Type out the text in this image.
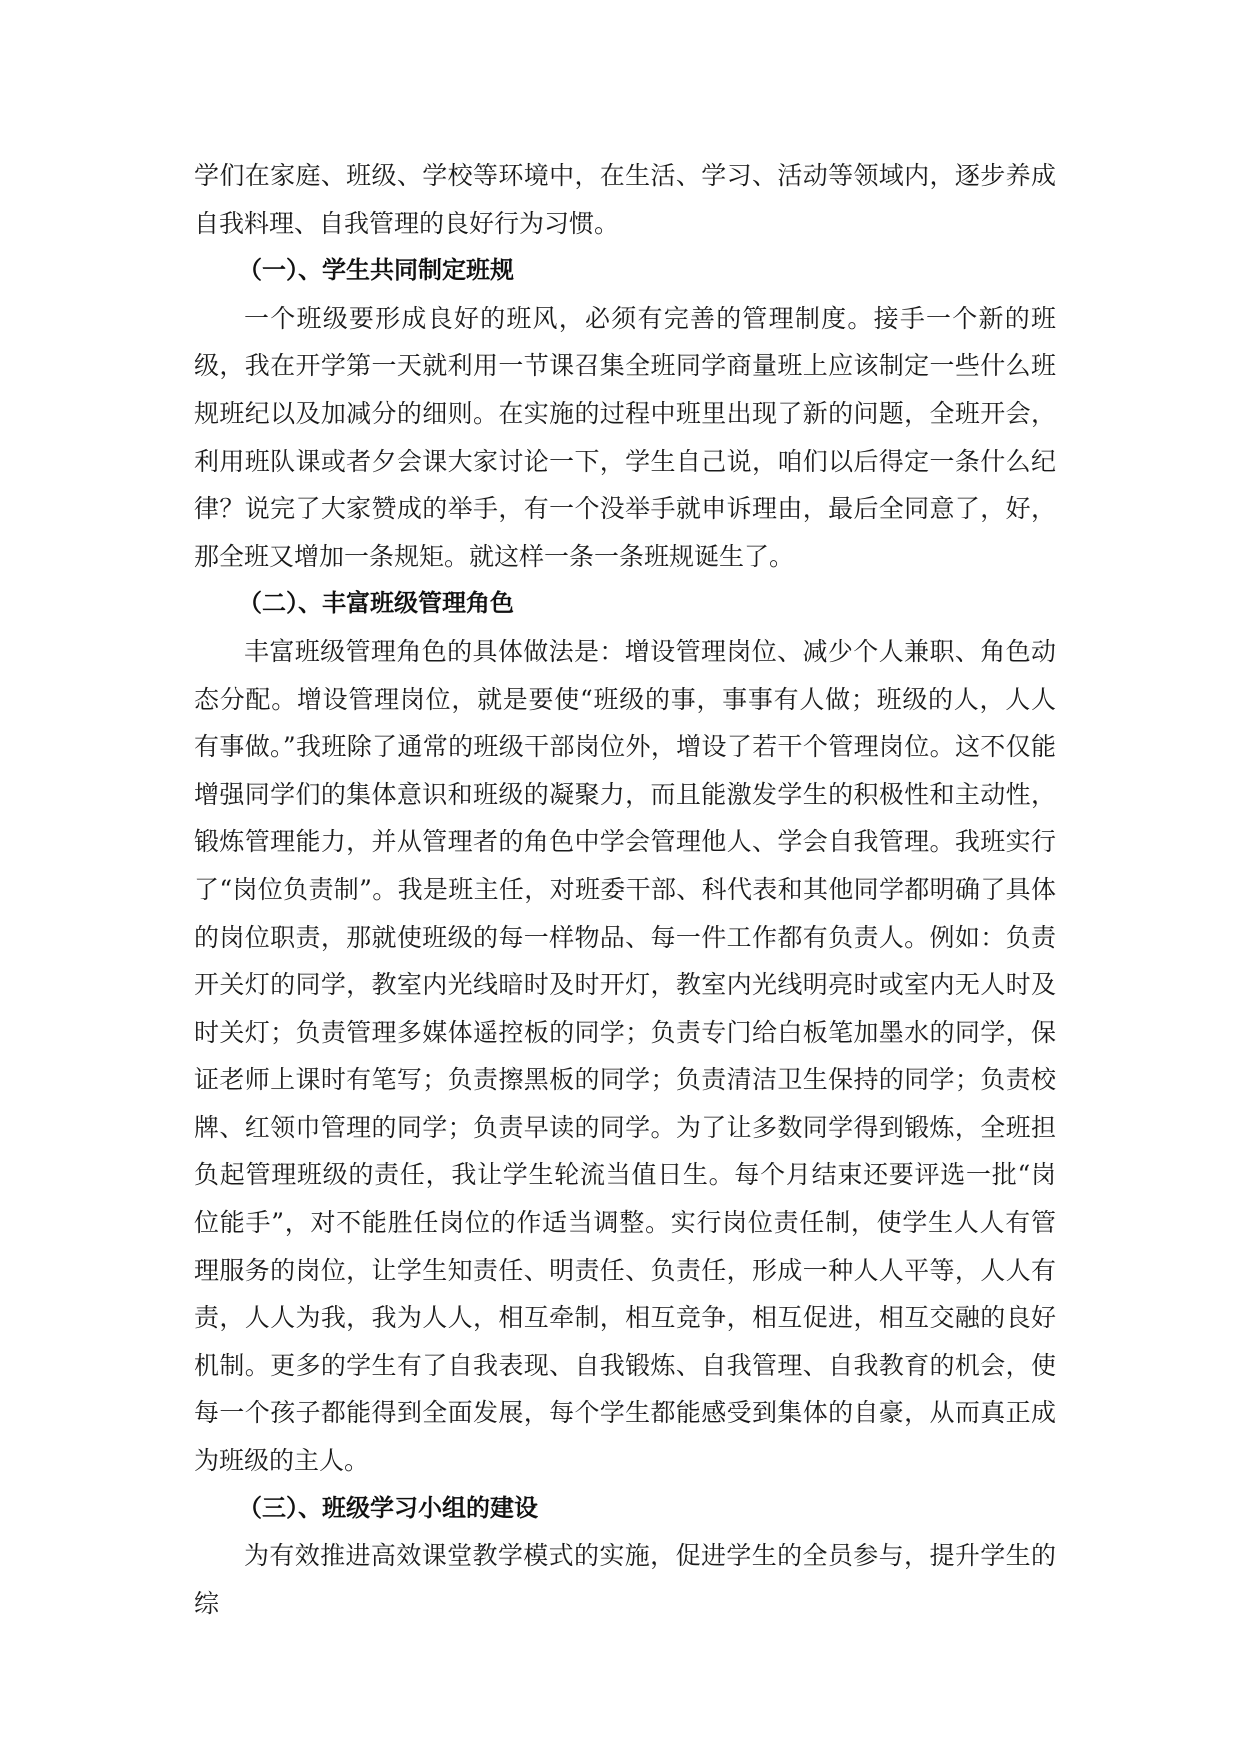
学们在家庭、班级、学校等环境中，在生活、学习、活动等领域内，逐步养成自我料理、自我管理的良好行为习惯。

（一）、学生共同制定班规

一个班级要形成良好的班风，必须有完善的管理制度。接手一个新的班级，我在开学第一天就利用一节课召集全班同学商量班上应该制定一些什么班规班纪以及加减分的细则。在实施的过程中班里出现了新的问题，全班开会，利用班队课或者夕会课大家讨论一下，学生自己说，咱们以后得定一条什么纪律？说完了大家赞成的举手，有一个没举手就申诉理由，最后全同意了，好，那全班又增加一条规矩。就这样一条一条班规诞生了。

（二）、丰富班级管理角色

丰富班级管理角色的具体做法是：增设管理岗位、减少个人兼职、角色动态分配。增设管理岗位，就是要使“班级的事，事事有人做；班级的人，人人有事做。”我班除了通常的班级干部岗位外，增设了若干个管理岗位。这不仅能增强同学们的集体意识和班级的凝聚力，而且能激发学生的积极性和主动性，锻炼管理能力，并从管理者的角色中学会管理他人、学会自我管理。我班实行了“岗位负责制”。我是班主任，对班委干部、科代表和其他同学都明确了具体的岗位职责，那就使班级的每一样物品、每一件工作都有负责人。例如：负责开关灯的同学，教室内光线暗时及时开灯，教室内光线明亮时或室内无人时及时关灯；负责管理多媒体遥控板的同学；负责专门给白板笔加墨水的同学，保证老师上课时有笔写；负责擦黑板的同学；负责清洁卫生保持的同学；负责校牌、红领巾管理的同学；负责早读的同学。为了让多数同学得到锻炼，全班担负起管理班级的责任，我让学生轮流当值日生。每个月结束还要评选一批“岗位能手”，对不能胜任岗位的作适当调整。实行岗位责任制，使学生人人有管理服务的岗位，让学生知责任、明责任、负责任，形成一种人人平等，人人有责，人人为我，我为人人，相互牵制，相互竞争，相互促进，相互交融的良好机制。更多的学生有了自我表现、自我锻炼、自我管理、自我教育的机会，使每一个孩子都能得到全面发展，每个学生都能感受到集体的自豪，从而真正成为班级的主人。

（三）、班级学习小组的建设

为有效推进高效课堂教学模式的实施，促进学生的全员参与，提升学生的综
